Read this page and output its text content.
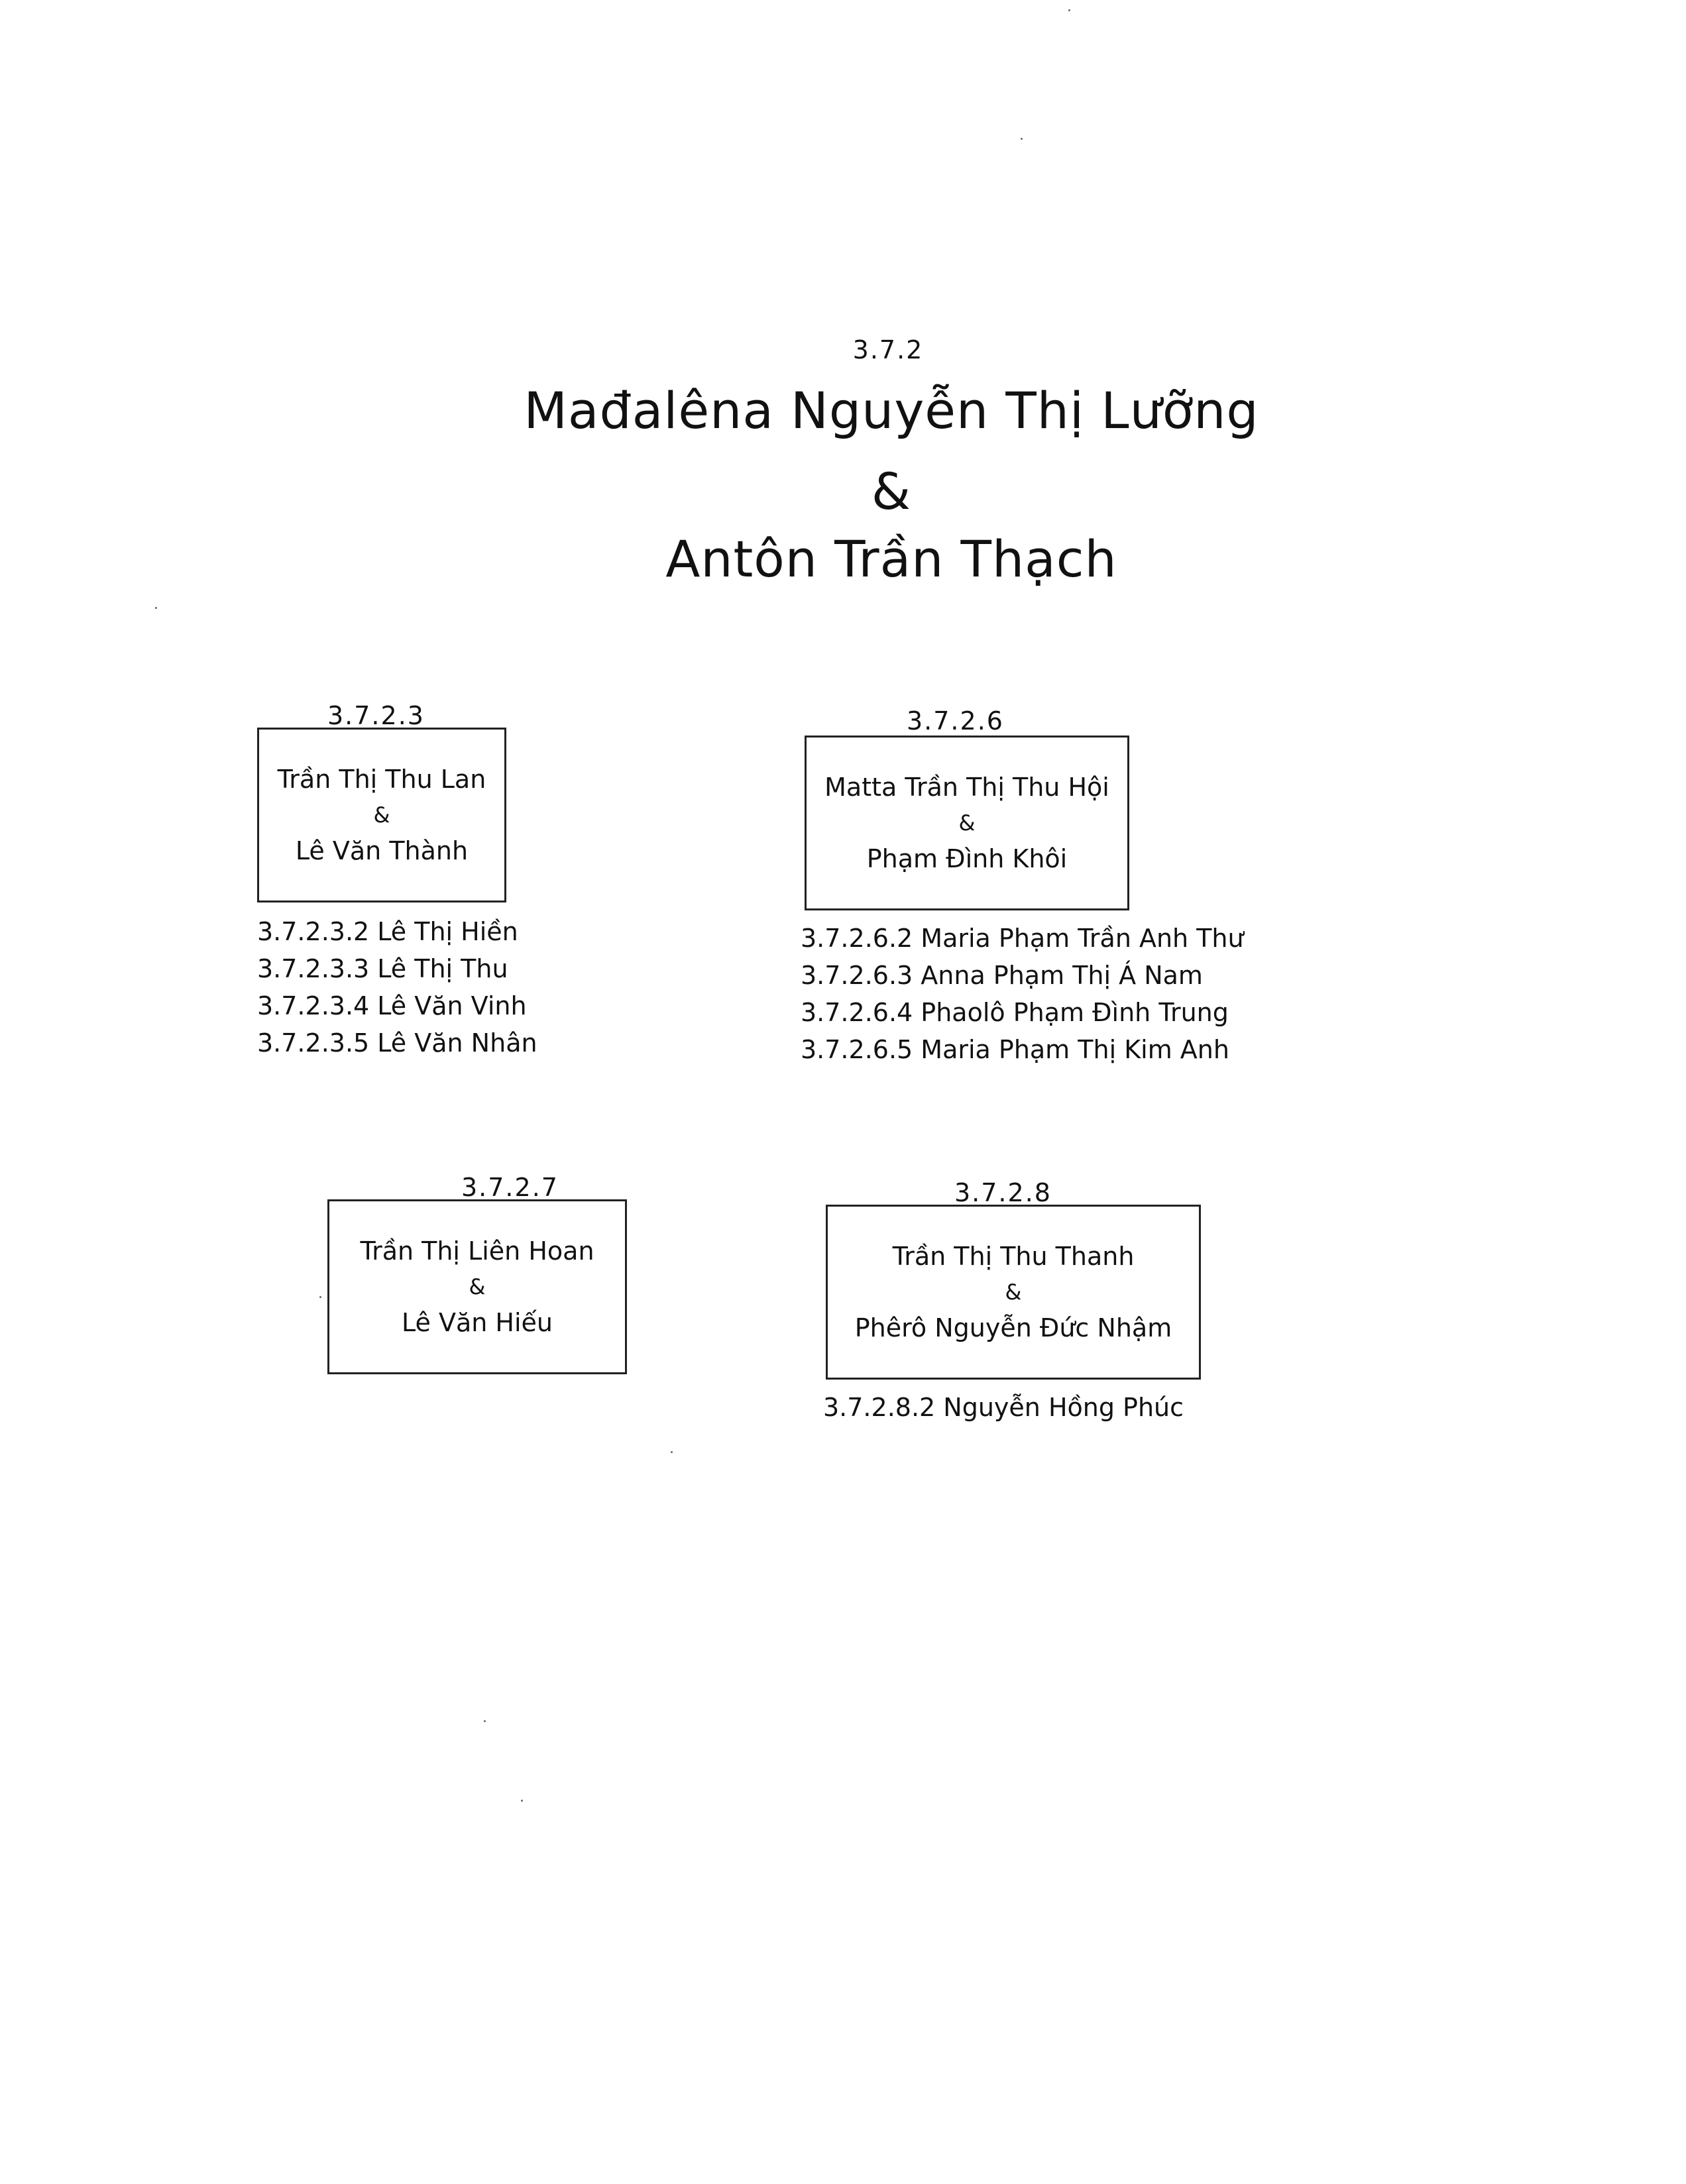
3.7.2
Mađalêna Nguyễn Thị Lưỡng
&
Antôn Trần Thạch
3.7.2.3
Trần Thị Thu Lan
&
Lê Văn Thành
3.7.2.3.2 Lê Thị Hiền
3.7.2.3.3 Lê Thị Thu
3.7.2.3.4 Lê Văn Vinh
3.7.2.3.5 Lê Văn Nhân
3.7.2.6
Matta Trần Thị Thu Hội
&
Phạm Đình Khôi
3.7.2.6.2 Maria Phạm Trần Anh Thư
3.7.2.6.3 Anna Phạm Thị Á Nam
3.7.2.6.4 Phaolô Phạm Đình Trung
3.7.2.6.5 Maria Phạm Thị Kim Anh
3.7.2.7
Trần Thị Liên Hoan
&
Lê Văn Hiếu
3.7.2.8
Trần Thị Thu Thanh
&
Phêrô Nguyễn Đức Nhậm
3.7.2.8.2 Nguyễn Hồng Phúc
